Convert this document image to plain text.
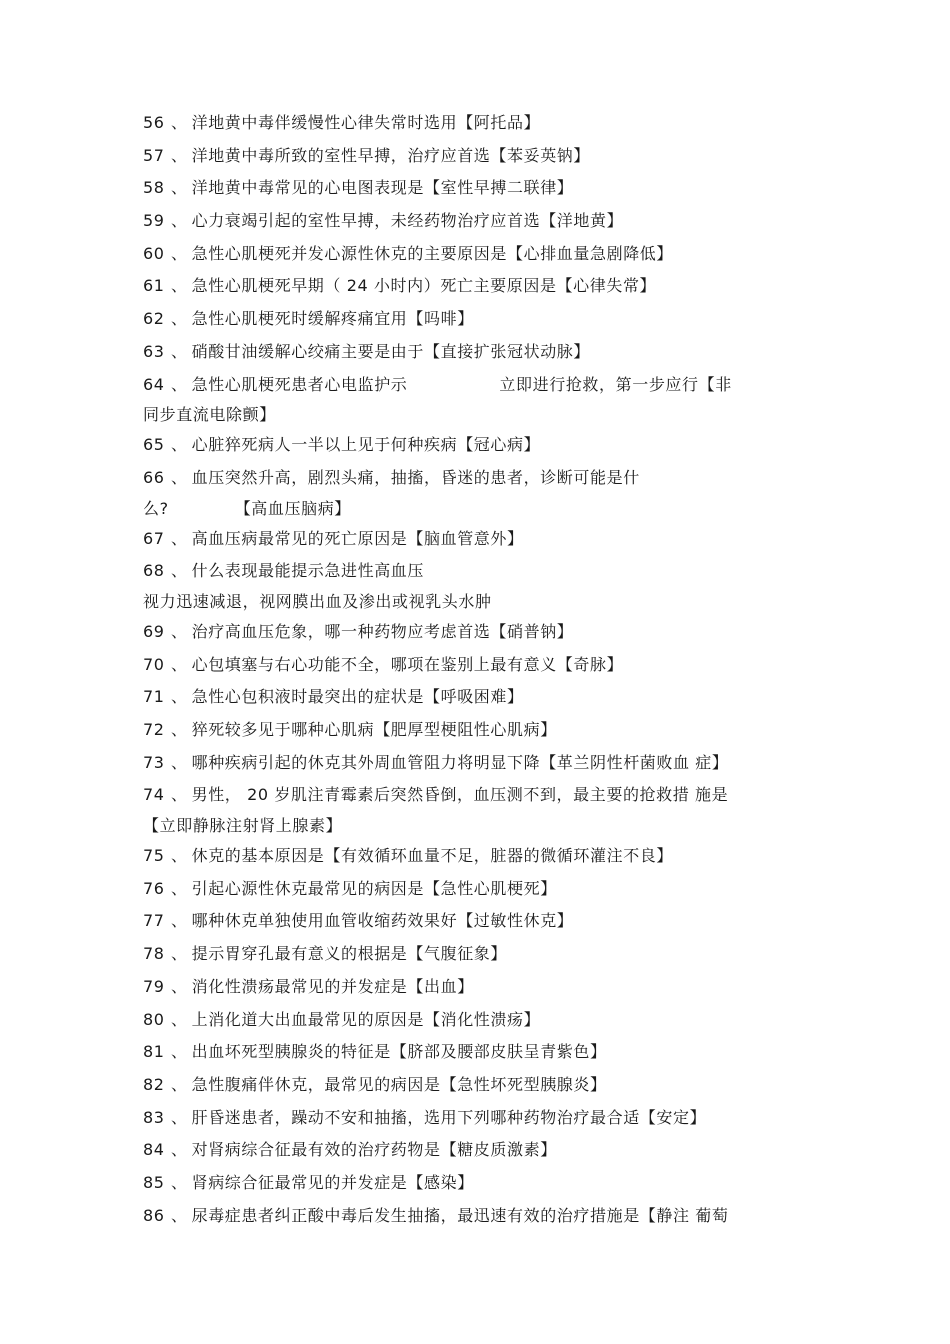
56 、 洋地黄中毒伴缓慢性心律失常时选用【阿托品】
57 、 洋地黄中毒所致的室性早搏，治疗应首选【苯妥英钠】
58 、 洋地黄中毒常见的心电图表现是【室性早搏二联律】
59 、 心力衰竭引起的室性早搏，未经药物治疗应首选【洋地黄】
60 、 急性心肌梗死并发心源性休克的主要原因是【心排血量急剧降低】
61 、 急性心肌梗死早期（ 24 小时内）死亡主要原因是【心律失常】
62 、 急性心肌梗死时缓解疼痛宜用【吗啡】
63 、 硝酸甘油缓解心绞痛主要是由于【直接扩张冠状动脉】
64 、 急性心肌梗死患者心电监护示	立即进行抢救，第一步应行【非
同步直流电除颤】
65 、 心脏猝死病人一半以上见于何种疾病【冠心病】
66 、 血压突然升高，剧烈头痛，抽搐，昏迷的患者，诊断可能是什
么?	【高血压脑病】
67 、 高血压病最常见的死亡原因是【脑血管意外】
68 、 什么表现最能提示急进性高血压
视力迅速减退，视网膜出血及渗出或视乳头水肿
69 、 治疗高血压危象，哪一种药物应考虑首选【硝普钠】
70 、 心包填塞与右心功能不全，哪项在鉴别上最有意义【奇脉】
71 、 急性心包积液时最突出的症状是【呼吸困难】
72 、 猝死较多见于哪种心肌病【肥厚型梗阻性心肌病】
73 、 哪种疾病引起的休克其外周血管阻力将明显下降【革兰阴性杆菌败血 症】
74 、 男性， 20 岁肌注青霉素后突然昏倒，血压测不到，最主要的抢救措 施是
【立即静脉注射肾上腺素】
75 、 休克的基本原因是【有效循环血量不足，脏器的微循环灌注不良】
76 、 引起心源性休克最常见的病因是【急性心肌梗死】
77 、 哪种休克单独使用血管收缩药效果好【过敏性休克】
78 、 提示胃穿孔最有意义的根据是【气腹征象】
79 、 消化性溃疡最常见的并发症是【出血】
80 、 上消化道大出血最常见的原因是【消化性溃疡】
81 、 出血坏死型胰腺炎的特征是【脐部及腰部皮肤呈青紫色】
82 、 急性腹痛伴休克，最常见的病因是【急性坏死型胰腺炎】
83 、 肝昏迷患者，躁动不安和抽搐，选用下列哪种药物治疗最合适【安定】
84 、 对肾病综合征最有效的治疗药物是【糖皮质激素】
85 、 肾病综合征最常见的并发症是【感染】
86 、 尿毒症患者纠正酸中毒后发生抽搐，最迅速有效的治疗措施是【静注 葡萄
